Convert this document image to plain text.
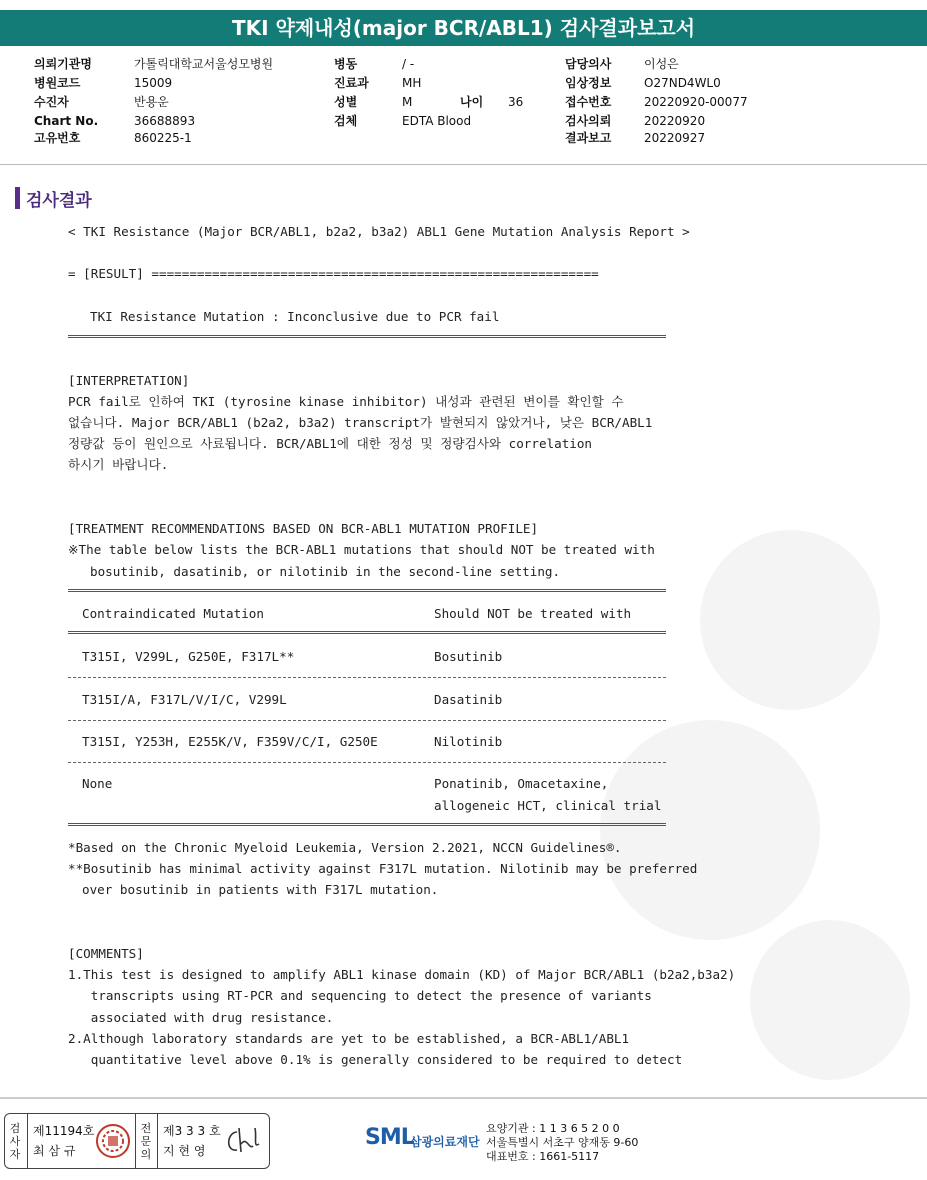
TKI 약제내성(major BCR/ABL1) 검사결과보고서
의뢰기관명	가톨릭대학교서울성모병원
병원코드	15009
수진자	반용운
Chart No.	36688893
고유번호	860225-1
병동	/ -
진료과	MH
성별	M	나이 36
검체	EDTA Blood
담당의사	이성은
임상정보	O27ND4WL0
접수번호	20220920-00077
검사의뢰	20220920
결과보고	20220927
검사결과
< TKI Resistance (Major BCR/ABL1, b2a2, b3a2) ABL1 Gene Mutation Analysis Report >
= [RESULT] ===========================================================
TKI Resistance Mutation : Inconclusive due to PCR fail
[INTERPRETATION]
PCR fail로 인하여 TKI (tyrosine kinase inhibitor) 내성과 관련된 변이를 확인할 수
없습니다. Major BCR/ABL1 (b2a2, b3a2) transcript가 발현되지 않았거나, 낮은 BCR/ABL1
정량값 등이 원인으로 사료됩니다. BCR/ABL1에 대한 정성 및 정량검사와 correlation
하시기 바랍니다.
[TREATMENT RECOMMENDATIONS BASED ON BCR-ABL1 MUTATION PROFILE]
※The table below lists the BCR-ABL1 mutations that should NOT be treated with
bosutinib, dasatinib, or nilotinib in the second-line setting.
Contraindicated Mutation	Should NOT be treated with
T315I, V299L, G250E, F317L**	Bosutinib
T315I/A, F317L/V/I/C, V299L	Dasatinib
T315I, Y253H, E255K/V, F359V/C/I, G250E	Nilotinib
None	Ponatinib, Omacetaxine,
allogeneic HCT, clinical trial
*Based on the Chronic Myeloid Leukemia, Version 2.2021, NCCN Guidelines®.
**Bosutinib has minimal activity against F317L mutation. Nilotinib may be preferred
over bosutinib in patients with F317L mutation.
[COMMENTS]
1.This test is designed to amplify ABL1 kinase domain (KD) of Major BCR/ABL1 (b2a2,b3a2)
transcripts using RT-PCR and sequencing to detect the presence of variants
associated with drug resistance.
2.Although laboratory standards are yet to be established, a BCR-ABL1/ABL1
quantitative level above 0.1% is generally considered to be required to detect
검사자
제11194호
최 삼 규
전문의
제3 3 3 호
지 현 영
SML
삼광의료재단
요양기관 : 1 1 3 6 5 2 0 0
서울특별시 서초구 양재동 9-60
대표번호 : 1661-5117
